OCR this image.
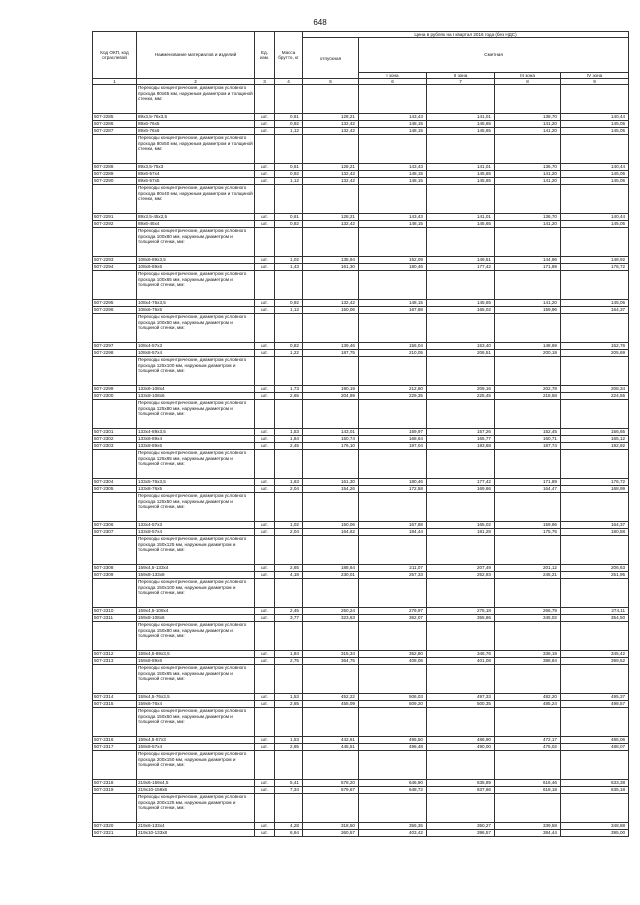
648
Код ОКП, код отраслевой	Наименование материалов и изделий	Ед. изм.	Масса брутто, кг	Цена в рублях на I квартал 2016 года (без НДС)				
				отпускная	Сметная			
					I зона	II зона	III зона	IV зона
1	2	3	4	5	6	7	8	9
	Переходы концентрические, диаметром условного прохода 80х65 мм, наружным диаметром и толщиной стенки, мм:							
507-2285	89х3,5-76х3,5	шт.	0,61	128,21	143,43	141,01	138,70	140,44
507-2286	89х6-76х5	шт.	0,92	132,42	148,15	145,65	141,20	145,05
507-2287	89х6-76х6	шт.	1,12	132,42	148,15	145,65	141,20	145,05
	Переходы концентрические, диаметром условного прохода 80х50 мм, наружным диаметром и толщиной стенки, мм:							
507-2288	89х3,5-75х3	шт.	0,61	128,21	143,43	141,01	136,70	140,44
507-2289	89х6-57х4	шт.	0,92	132,42	148,15	145,65	141,20	145,05
507-2290	89х6-57х5	шт.	1,12	132,42	148,15	145,65	141,20	145,05
	Переходы концентрические, диаметром условного прохода 80х40 мм, наружным диаметром и толщиной стенки, мм:							
507-2291	89х3,5-45х2,5	шт.	0,61	128,21	143,43	141,01	136,70	140,44
507-2292	89х6-45х4	шт.	0,82	132,42	148,15	145,65	141,20	145,05
	Переходы концентрические, диаметром условного прохода 100х80 мм, наружным диаметром и толщиной стенки, мм:							
507-2293	108х6-89х3,5	шт.	1,02	135,94	152,09	149,51	144,96	148,92
507-2294	108х6-89х6	шт.	1,43	161,30	180,46	177,42	171,89	176,72
	Переходы концентрические, диаметром условного прохода 100х65 мм, наружным диаметром и толщиной стенки, мм:							
507-2295	108х4-76х3,5	шт.	0,92	132,42	148,15	145,65	141,20	145,05
507-2296	108х6-76х5	шт.	1,12	150,06	167,88	165,02	159,96	164,37
	Переходы концентрические, диаметром условного прохода 100х50 мм, наружным диаметром и толщиной стенки, мм:							
507-2297	108х4-57х3	шт.	0,82	139,46	156,04	153,40	148,69	152,76
507-2298	108х8-57х4	шт.	1,22	187,75	210,05	206,51	200,19	205,69
	Переходы концентрические, диаметром условного прохода 125х100 мм, наружным диаметром и толщиной стенки, мм:							
507-2299	133х6-108х4	шт.	1,73	190,19	212,80	209,16	202,78	208,34
507-2300	133х8-108х6	шт.	2,65	204,99	229,35	225,45	218,58	224,55
	Переходы концентрические, диаметром условного прохода 125х80 мм, наружным диаметром и толщиной стенки, мм:							
507-2301	133х4-89х3,5	шт.	1,53	143,01	159,97	157,26	152,45	156,65
507-2302	133х6-89х4	шт.	1,84	150,74	168,64	165,77	160,71	165,12
507-2303	133х8-89х6	шт.	2,45	176,10	197,04	193,68	187,74	192,92
	Переходы концентрические, диаметром условного прохода 125х65 мм, наружным диаметром и толщиной стенки, мм:							
507-2304	133х5-76х3,5	шт.	1,63	161,30	180,46	177,42	171,89	176,72
507-2305	133х8-76х5	шт.	2,04	154,26	172,58	169,66	164,47	168,99
	Переходы концентрические, диаметром условного прохода 125х50 мм, наружным диаметром и толщиной стенки, мм:							
507-2306	133х4-57х3	шт.	1,02	150,06	167,88	165,02	159,96	164,37
507-2307	133х8-57х4	шт.	2,04	164,62	184,44	181,28	175,75	180,58
	Переходы концентрические, диаметром условного прохода 150х125 мм, наружным диаметром и толщиной стенки, мм:							
507-2308	159х4,5-133х4	шт.	2,65	188,64	211,07	207,49	201,12	206,63
507-2309	159х8-133х8	шт.	4,18	230,01	257,33	252,93	245,21	251,95
	Переходы концентрические, диаметром условного прохода 150х100 мм, наружным диаметром и толщиной стенки, мм:							
507-2310	159х4,5-108х4	шт.	2,45	250,24	279,97	275,18	266,79	274,11
507-2311	159х8-108х6	шт.	3,77	323,63	362,07	355,86	345,02	354,50
	Переходы концентрические, диаметром условного прохода 150х80 мм, наружным диаметром и толщиной стенки, мм:							
507-2312	159х4,5-89х3,5	шт.	1,84	315,34	352,80	346,76	336,19	345,42
507-2313	159х8-89х6	шт.	2,75	364,75	408,06	401,08	388,84	399,52
	Переходы концентрические, диаметром условного прохода 150х65 мм, наружным диаметром и толщиной стенки, мм:							
507-2314	159х4,5-76х3,5	шт.	1,53	452,22	506,03	497,33	482,20	495,37
507-2315	159х6-76х4	шт.	2,65	455,09	509,20	500,35	485,24	498,57
	Переходы концентрические, диаметром условного прохода 150х50 мм, наружным диаметром и толщиной стенки, мм:							
507-2316	159х4,5-57х3	шт.	1,53	442,61	495,50	486,90	472,17	485,06
507-2317	159х8-57х4	шт.	2,85	445,51	498,48	490,00	475,02	488,07
	Переходы концентрические, диаметром условного прохода 200х150 мм, наружным диаметром и толщиной стенки, мм:							
507-2318	219х6-159х4,5	шт.	5,41	578,20	646,90	635,89	616,46	633,38
507-2319	219х10-159х6	шт.	7,34	579,67	648,72	637,66	618,18	635,18
	Переходы концентрические, диаметром условного прохода 200х125 мм, наружным диаметром и толщиной стенки, мм:							
507-2320	219х6-133х4	шт.	4,28	318,50	356,35	350,27	339,58	348,88
507-2321	219х10-133х8	шт.	6,94	360,57	403,42	396,57	384,44	395,00
